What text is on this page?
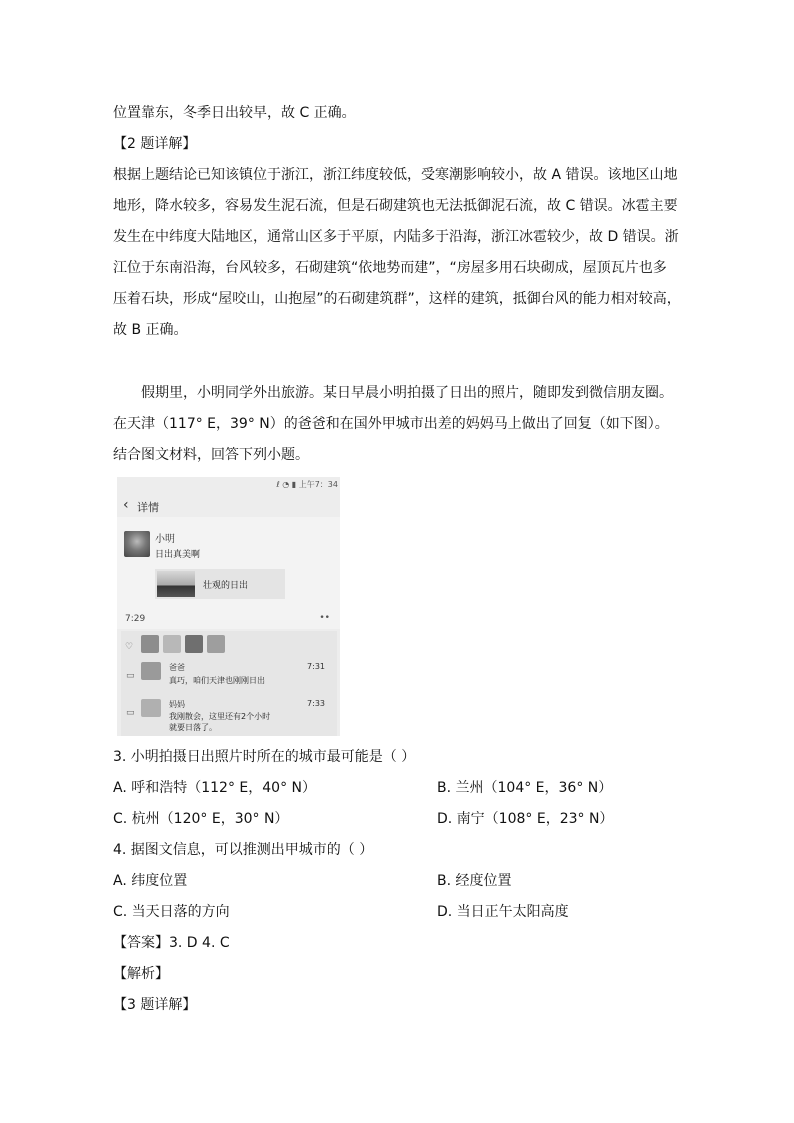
位置靠东，冬季日出较早，故 C 正确。
【2 题详解】
根据上题结论已知该镇位于浙江，浙江纬度较低，受寒潮影响较小，故 A 错误。该地区山地
地形，降水较多，容易发生泥石流，但是石砌建筑也无法抵御泥石流，故 C 错误。冰雹主要
发生在中纬度大陆地区，通常山区多于平原，内陆多于沿海，浙江冰雹较少，故 D 错误。浙
江位于东南沿海，台风较多，石砌建筑“依地势而建”，“房屋多用石块砌成，屋顶瓦片也多
压着石块，形成“屋咬山，山抱屋”的石砌建筑群”，这样的建筑，抵御台风的能力相对较高，
故 B 正确。
假期里，小明同学外出旅游。某日早晨小明拍摄了日出的照片，随即发到微信朋友圈。
在天津（117° E，39° N）的爸爸和在国外甲城市出差的妈妈马上做出了回复（如下图）。
结合图文材料，回答下列小题。
ℓ ◔ ▮ 上午7：34
‹ 详情
小明
日出真美啊
壮观的日出
7:29	••
♡
▭
爸爸	7:31
真巧，咱们天津也刚刚日出
▭
妈妈	7:33
我刚散会，这里还有2个小时
就要日落了。
3. 小明拍摄日出照片时所在的城市最可能是（ ）
A. 呼和浩特（112° E，40° N）	B. 兰州（104° E，36° N）
C. 杭州（120° E，30° N）	D. 南宁（108° E，23° N）
4. 据图文信息，可以推测出甲城市的（ ）
A. 纬度位置	B. 经度位置
C. 当天日落的方向	D. 当日正午太阳高度
【答案】3. D 4. C
【解析】
【3 题详解】
